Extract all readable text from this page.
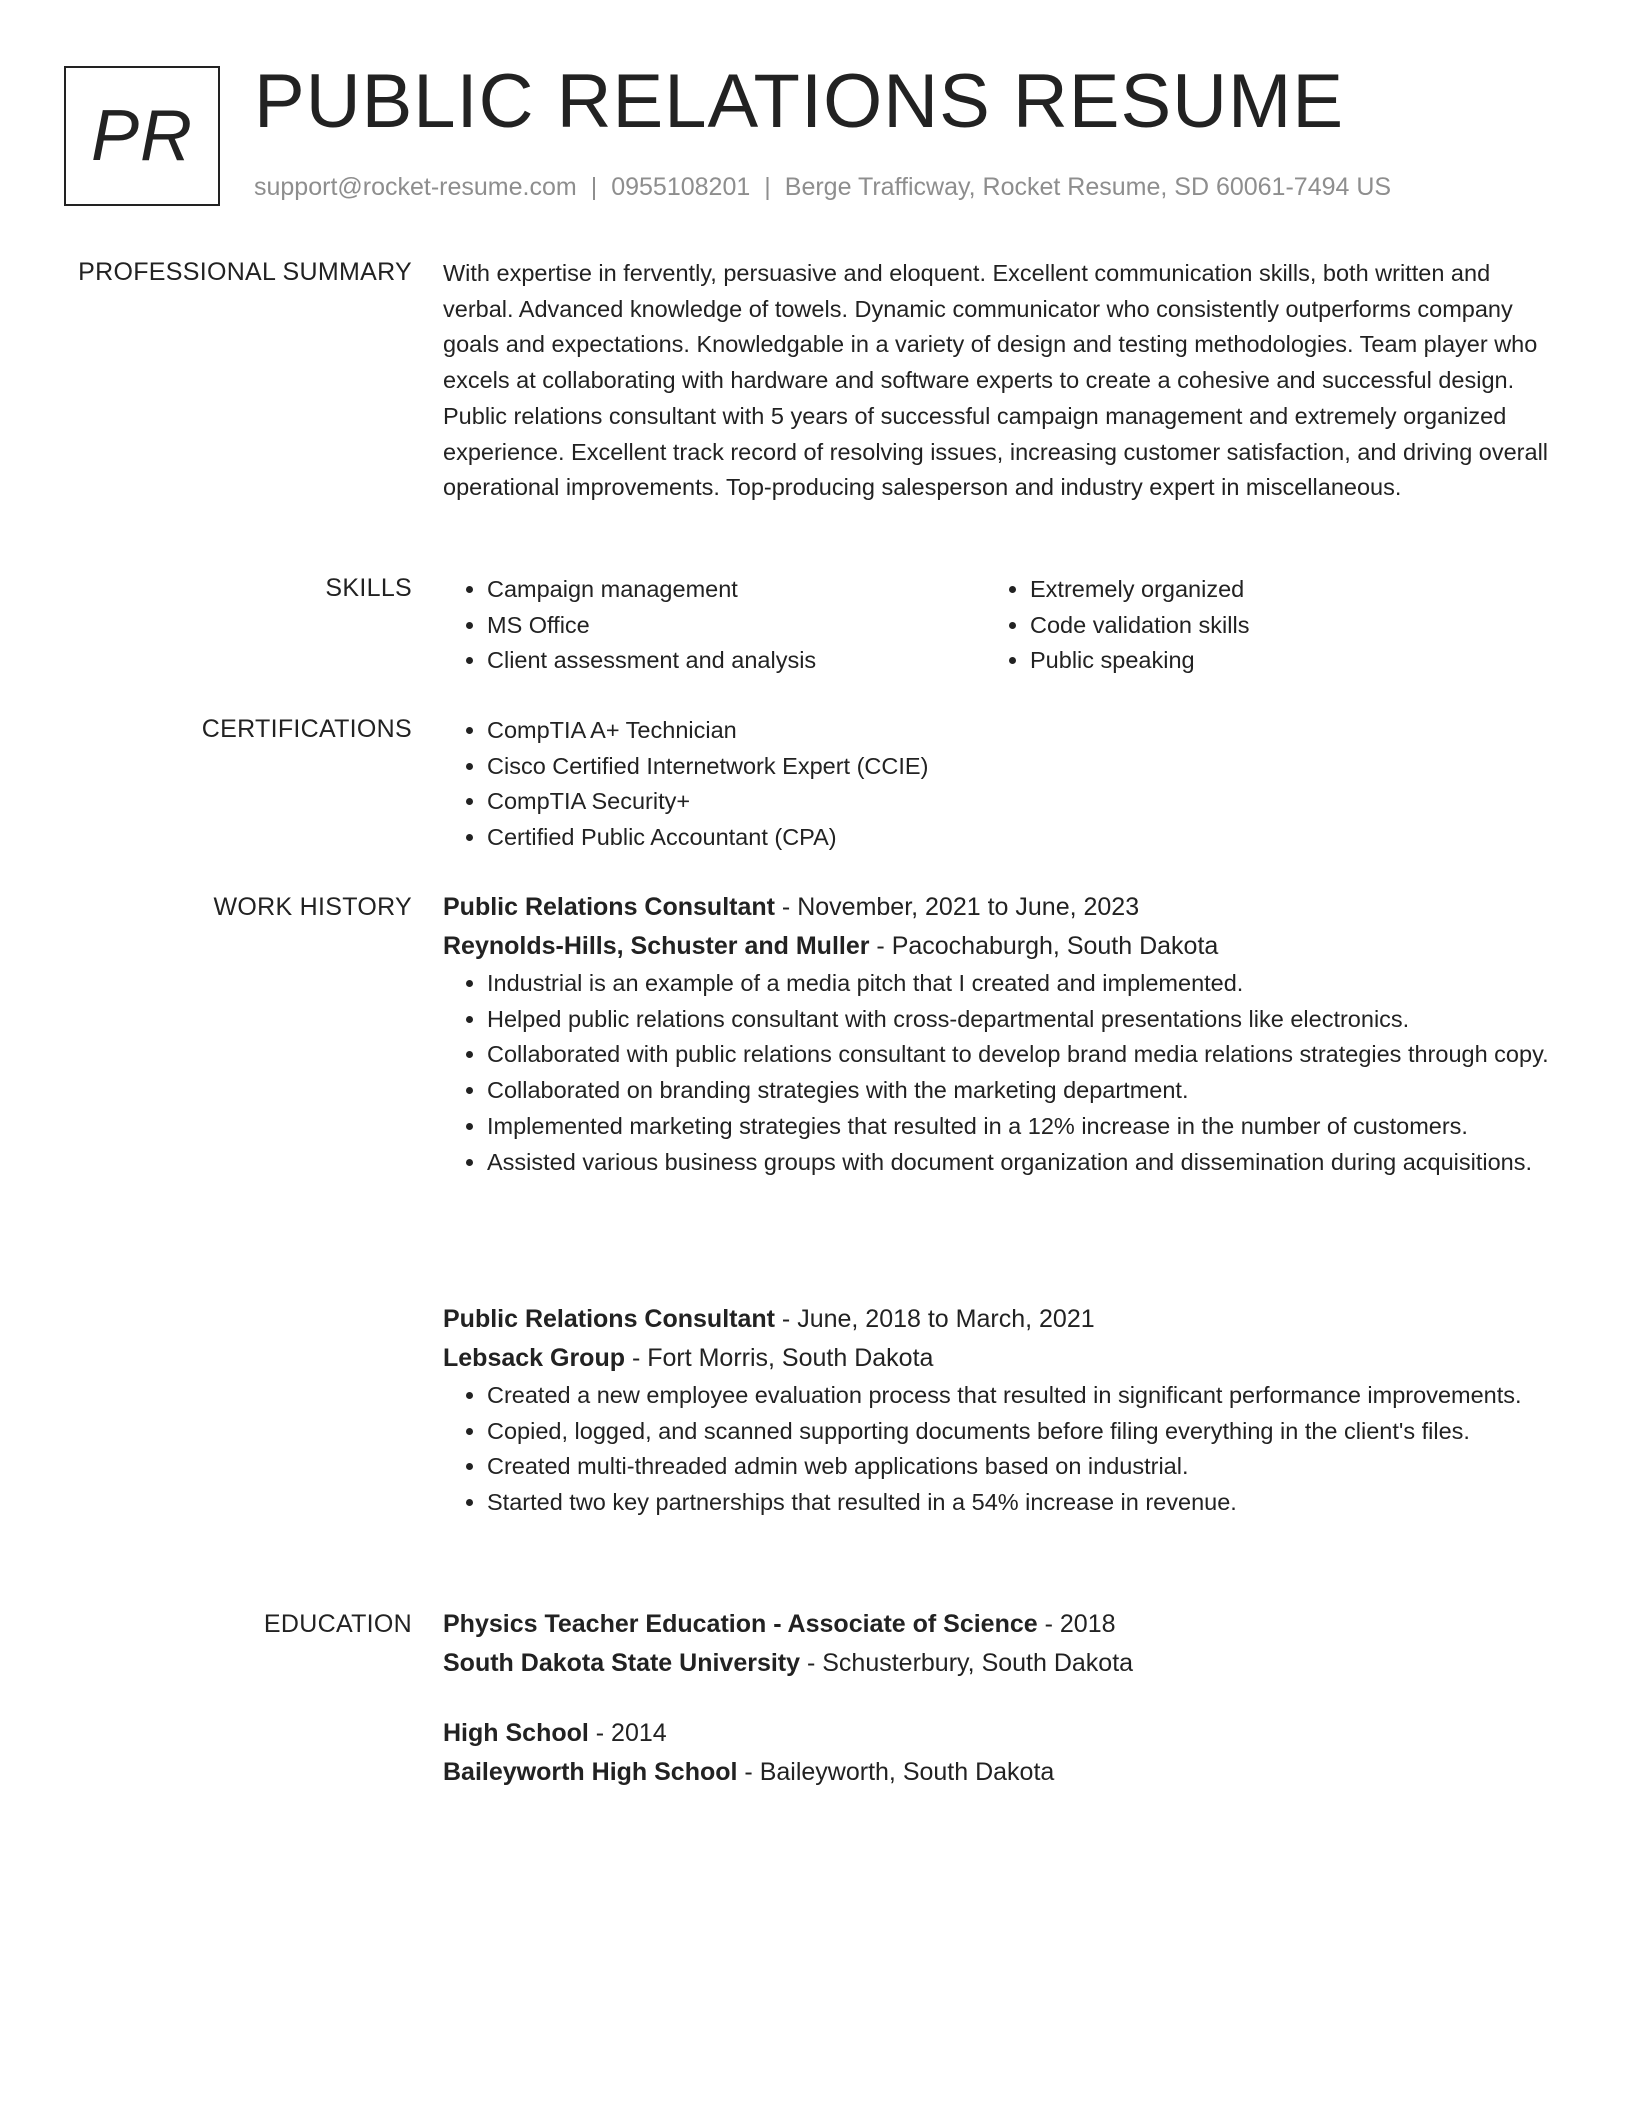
PR PUBLIC RELATIONS RESUME
support@rocket-resume.com | 0955108201 | Berge Trafficway, Rocket Resume, SD 60061-7494 US
PROFESSIONAL SUMMARY With expertise in fervently, persuasive and eloquent. Excellent communication skills, both written and verbal. Advanced knowledge of towels. Dynamic communicator who consistently outperforms company goals and expectations. Knowledgable in a variety of design and testing methodologies. Team player who excels at collaborating with hardware and software experts to create a cohesive and successful design. Public relations consultant with 5 years of successful campaign management and extremely organized experience. Excellent track record of resolving issues, increasing customer satisfaction, and driving overall operational improvements. Top-producing salesperson and industry expert in miscellaneous.

SKILLS	• Campaign management
• MS Office
• Client assessment and analysis
• Extremely organized
• Code validation skills
• Public speaking
CERTIFICATIONS	• CompTIA A+ Technician
• Cisco Certified Internetwork Expert (CCIE)
• CompTIA Security+
• Certified Public Accountant (CPA)
WORK HISTORY Public Relations Consultant - November, 2021 to June, 2023
Reynolds-Hills, Schuster and Muller - Pacochaburgh, South Dakota
• Industrial is an example of a media pitch that I created and implemented.
• Helped public relations consultant with cross-departmental presentations like electronics.
• Collaborated with public relations consultant to develop brand media relations strategies through copy.
• Collaborated on branding strategies with the marketing department.
• Implemented marketing strategies that resulted in a 12% increase in the number of customers.
• Assisted various business groups with document organization and dissemination during acquisitions.
Public Relations Consultant - June, 2018 to March, 2021
Lebsack Group - Fort Morris, South Dakota
• Created a new employee evaluation process that resulted in significant performance improvements.
• Copied, logged, and scanned supporting documents before filing everything in the client's files.
• Created multi-threaded admin web applications based on industrial.
• Started two key partnerships that resulted in a 54% increase in revenue.
EDUCATION Physics Teacher Education - Associate of Science - 2018
South Dakota State University - Schusterbury, South Dakota
High School - 2014
Baileyworth High School - Baileyworth, South Dakota
